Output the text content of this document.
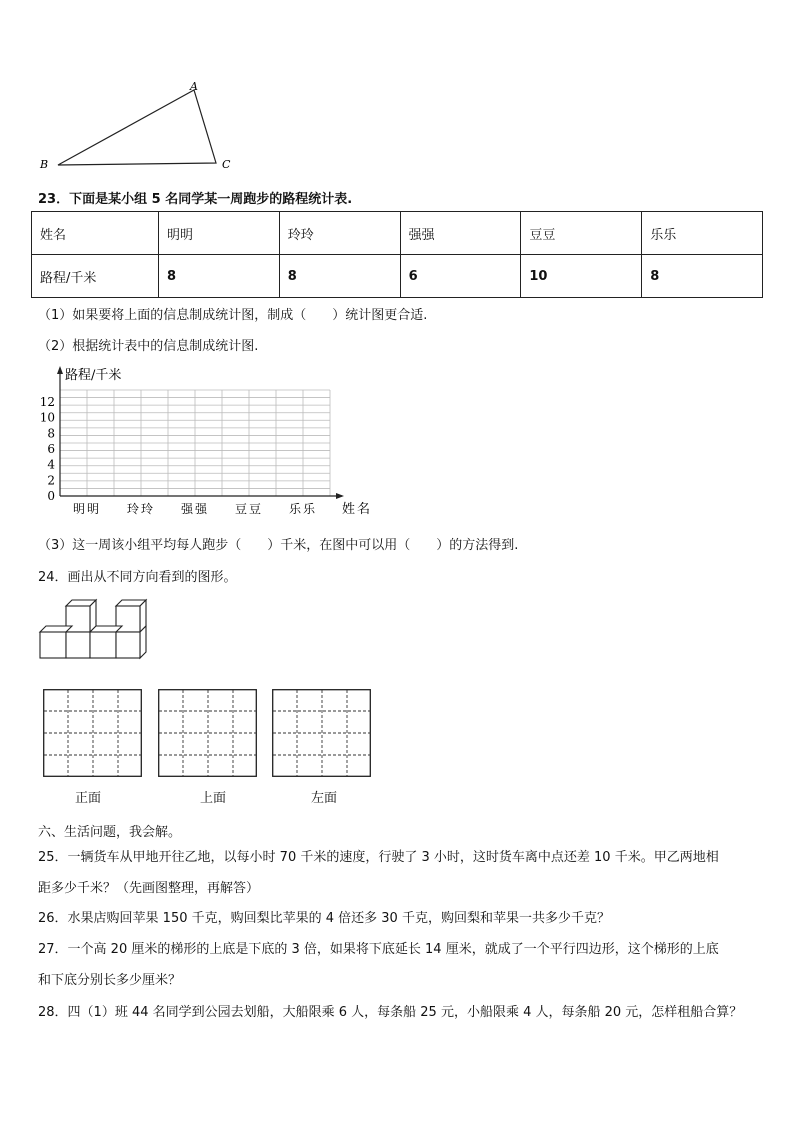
A
B	C
23．下面是某小组 5 名同学某一周跑步的路程统计表.
姓名	明明	玲玲	强强	豆豆	乐乐
路程/千米	8	8	6	10	8
（1）如果要将上面的信息制成统计图，制成（　　）统计图更合适.
（2）根据统计表中的信息制成统计图.
12
10
8
6
4
2
0
明明 玲玲 强强 豆豆 乐乐
路程/千米
姓名
（3）这一周该小组平均每人跑步（　　）千米，在图中可以用（　　）的方法得到.
24．画出从不同方向看到的图形。
正面	上面	左面
六、生活问题，我会解。
25．一辆货车从甲地开往乙地，以每小时 70 千米的速度，行驶了 3 小时，这时货车离中点还差 10 千米。甲乙两地相
距多少千米？（先画图整理，再解答）
26．水果店购回苹果 150 千克，购回梨比苹果的 4 倍还多 30 千克，购回梨和苹果一共多少千克？
27．一个高 20 厘米的梯形的上底是下底的 3 倍，如果将下底延长 14 厘米，就成了一个平行四边形，这个梯形的上底
和下底分别长多少厘米？
28．四（1）班 44 名同学到公园去划船，大船限乘 6 人，每条船 25 元，小船限乘 4 人，每条船 20 元，怎样租船合算？
